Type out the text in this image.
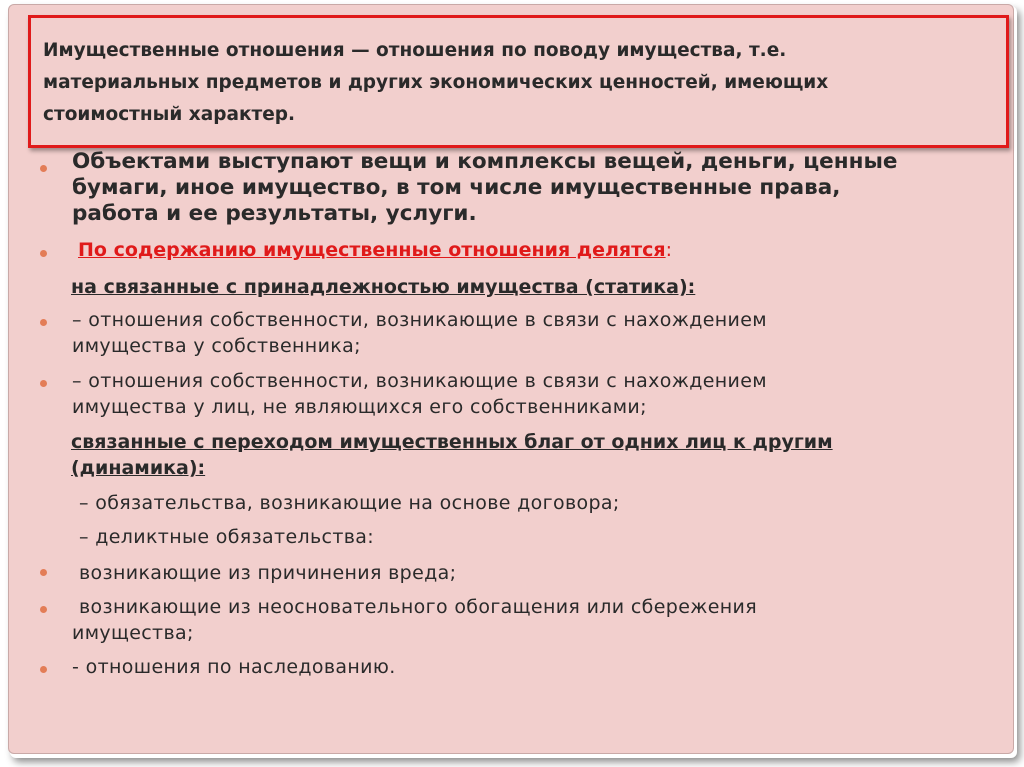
Имущественные отношения — отношения по поводу имущества, т.е.
материальных предметов и других экономических ценностей, имеющих
стоимостный характер.

Объектами выступают вещи и комплексы вещей, деньги, ценные

бумаги, иное имущество, в том числе имущественные права,

работа и ее результаты, услуги.

По содержанию имущественные отношения делятся:

на связанные с принадлежностью имущества (статика):

– отношения собственности, возникающие в связи с нахождением

имущества у собственника;

– отношения собственности, возникающие в связи с нахождением

имущества у лиц, не являющихся его собственниками;

связанные с переходом имущественных благ от одних лиц к другим

(динамика):

– обязательства, возникающие на основе договора;

– деликтные обязательства:

возникающие из причинения вреда;

возникающие из неосновательного обогащения или сбережения

имущества;

- отношения по наследованию.
